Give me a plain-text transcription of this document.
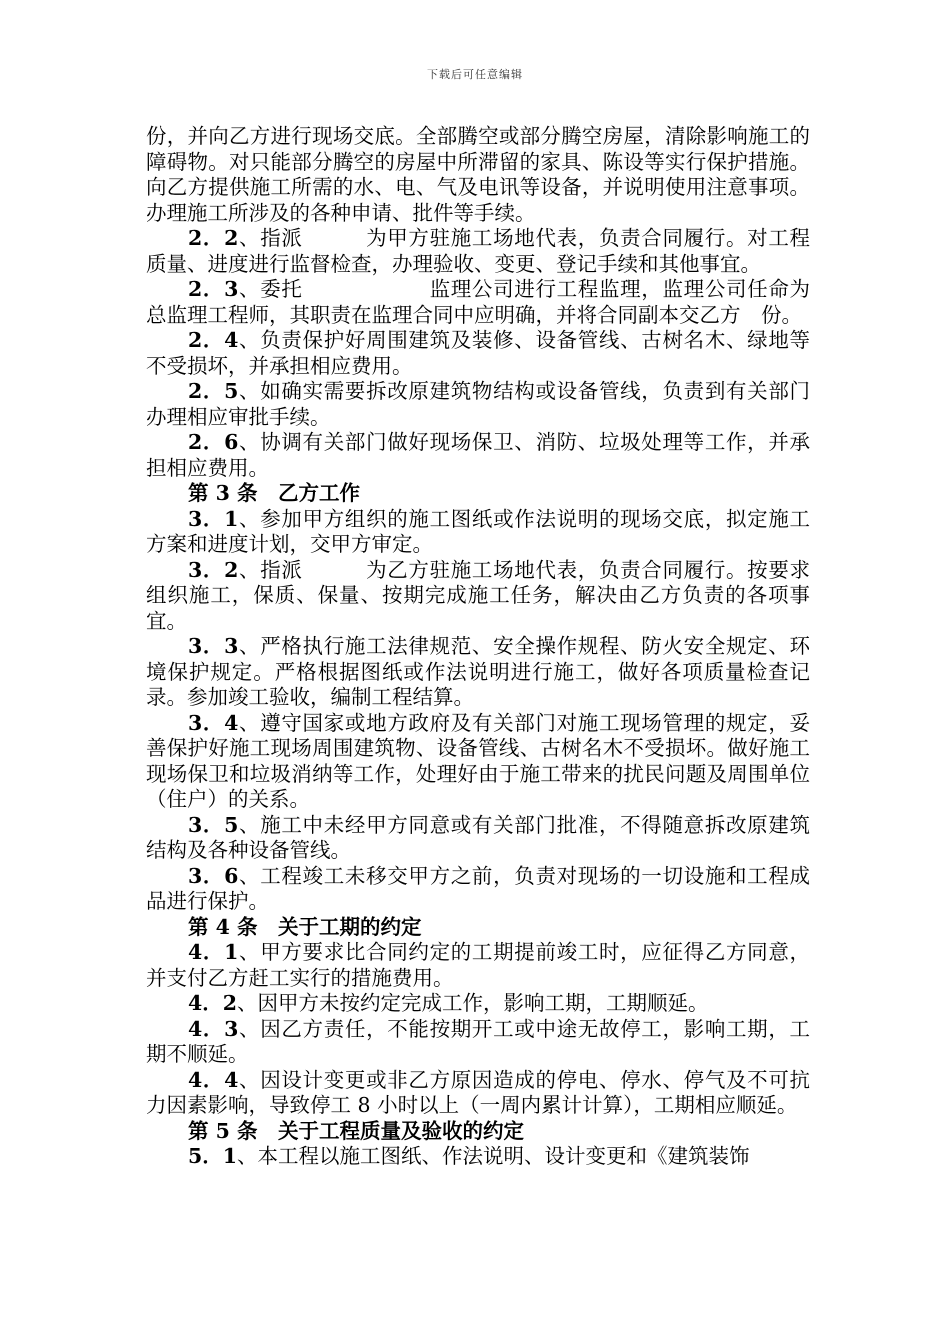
下载后可任意编辑

份，并向乙方进行现场交底。全部腾空或部分腾空房屋，清除影响施工的障碍物。对只能部分腾空的房屋中所滞留的家具、陈设等实行保护措施。向乙方提供施工所需的水、电、气及电讯等设备，并说明使用注意事项。办理施工所涉及的各种申请、批件等手续。

2．2、指派　　　为甲方驻施工场地代表，负责合同履行。对工程质量、进度进行监督检查，办理验收、变更、登记手续和其他事宜。

2．3、委托　　　　　　监理公司进行工程监理，监理公司任命为总监理工程师，其职责在监理合同中应明确，并将合同副本交乙方　份。

2．4、负责保护好周围建筑及装修、设备管线、古树名木、绿地等不受损坏，并承担相应费用。

2．5、如确实需要拆改原建筑物结构或设备管线，负责到有关部门办理相应审批手续。

2．6、协调有关部门做好现场保卫、消防、垃圾处理等工作，并承担相应费用。

第 3 条　乙方工作

3．1、参加甲方组织的施工图纸或作法说明的现场交底，拟定施工方案和进度计划，交甲方审定。

3．2、指派　　　为乙方驻施工场地代表，负责合同履行。按要求组织施工，保质、保量、按期完成施工任务，解决由乙方负责的各项事宜。

3．3、严格执行施工法律规范、安全操作规程、防火安全规定、环境保护规定。严格根据图纸或作法说明进行施工，做好各项质量检查记录。参加竣工验收，编制工程结算。

3．4、遵守国家或地方政府及有关部门对施工现场管理的规定，妥善保护好施工现场周围建筑物、设备管线、古树名木不受损坏。做好施工现场保卫和垃圾消纳等工作，处理好由于施工带来的扰民问题及周围单位（住户）的关系。

3．5、施工中未经甲方同意或有关部门批准，不得随意拆改原建筑结构及各种设备管线。

3．6、工程竣工未移交甲方之前，负责对现场的一切设施和工程成品进行保护。

第 4 条　关于工期的约定

4．1、甲方要求比合同约定的工期提前竣工时，应征得乙方同意，并支付乙方赶工实行的措施费用。

4．2、因甲方未按约定完成工作，影响工期，工期顺延。

4．3、因乙方责任，不能按期开工或中途无故停工，影响工期，工期不顺延。

4．4、因设计变更或非乙方原因造成的停电、停水、停气及不可抗力因素影响，导致停工 8 小时以上（一周内累计计算），工期相应顺延。

第 5 条　关于工程质量及验收的约定

5．1、本工程以施工图纸、作法说明、设计变更和《建筑装饰
